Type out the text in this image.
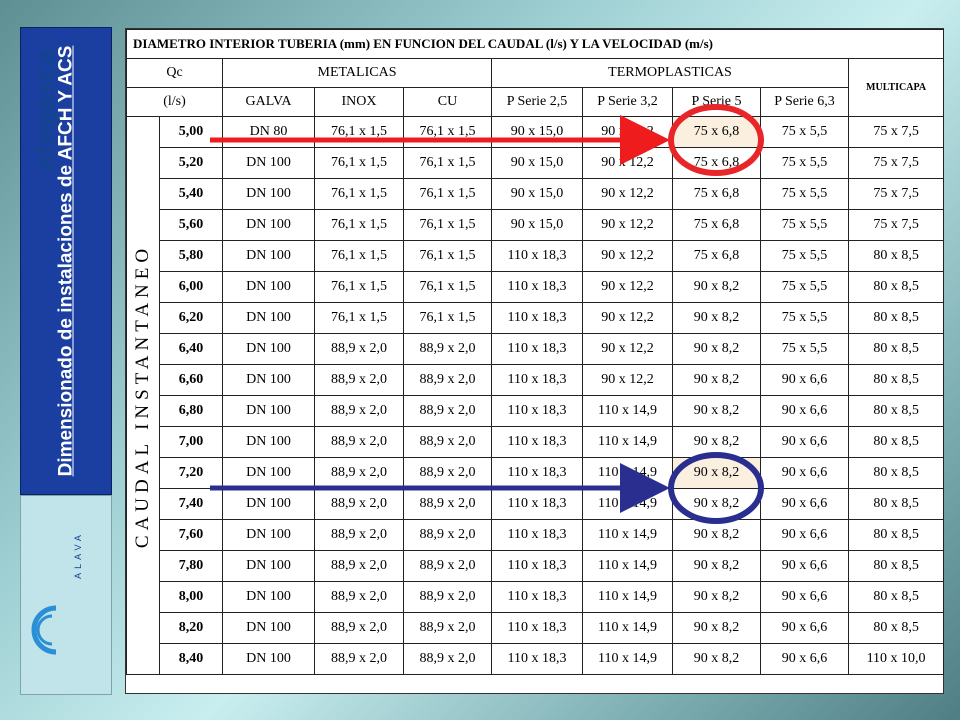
Dimensionado de instalaciones de AFCH Y ACS
afogasca
ALAVA
DIAMETRO INTERIOR TUBERIA (mm) EN FUNCION DEL CAUDAL (l/s) Y LA VELOCIDAD (m/s)									
Qc		METALICAS			TERMOPLASTICAS				MULTICAPA
(l/s)		GALVA	INOX	CU	P Serie 2,5	P Serie 3,2	P Serie 5	P Serie 6,3	

CAUDAL INSTANTANEO	5,00	DN 80	76,1 x 1,5	76,1 x 1,5	90 x 15,0	90 x 12,2	75 x 6,8	75 x 5,5	75 x 7,5
	5,20	DN 100	76,1 x 1,5	76,1 x 1,5	90 x 15,0	90 x 12,2	75 x 6,8	75 x 5,5	75 x 7,5
	5,40	DN 100	76,1 x 1,5	76,1 x 1,5	90 x 15,0	90 x 12,2	75 x 6,8	75 x 5,5	75 x 7,5
	5,60	DN 100	76,1 x 1,5	76,1 x 1,5	90 x 15,0	90 x 12,2	75 x 6,8	75 x 5,5	75 x 7,5
	5,80	DN 100	76,1 x 1,5	76,1 x 1,5	110 x 18,3	90 x 12,2	75 x 6,8	75 x 5,5	80 x 8,5
	6,00	DN 100	76,1 x 1,5	76,1 x 1,5	110 x 18,3	90 x 12,2	90 x 8,2	75 x 5,5	80 x 8,5
	6,20	DN 100	76,1 x 1,5	76,1 x 1,5	110 x 18,3	90 x 12,2	90 x 8,2	75 x 5,5	80 x 8,5
	6,40	DN 100	88,9 x 2,0	88,9 x 2,0	110 x 18,3	90 x 12,2	90 x 8,2	75 x 5,5	80 x 8,5
	6,60	DN 100	88,9 x 2,0	88,9 x 2,0	110 x 18,3	90 x 12,2	90 x 8,2	90 x 6,6	80 x 8,5
	6,80	DN 100	88,9 x 2,0	88,9 x 2,0	110 x 18,3	110 x 14,9	90 x 8,2	90 x 6,6	80 x 8,5
	7,00	DN 100	88,9 x 2,0	88,9 x 2,0	110 x 18,3	110 x 14,9	90 x 8,2	90 x 6,6	80 x 8,5
	7,20	DN 100	88,9 x 2,0	88,9 x 2,0	110 x 18,3	110 x 14,9	90 x 8,2	90 x 6,6	80 x 8,5
	7,40	DN 100	88,9 x 2,0	88,9 x 2,0	110 x 18,3	110 x 14,9	90 x 8,2	90 x 6,6	80 x 8,5
	7,60	DN 100	88,9 x 2,0	88,9 x 2,0	110 x 18,3	110 x 14,9	90 x 8,2	90 x 6,6	80 x 8,5
	7,80	DN 100	88,9 x 2,0	88,9 x 2,0	110 x 18,3	110 x 14,9	90 x 8,2	90 x 6,6	80 x 8,5
	8,00	DN 100	88,9 x 2,0	88,9 x 2,0	110 x 18,3	110 x 14,9	90 x 8,2	90 x 6,6	80 x 8,5
	8,20	DN 100	88,9 x 2,0	88,9 x 2,0	110 x 18,3	110 x 14,9	90 x 8,2	90 x 6,6	80 x 8,5
	8,40	DN 100	88,9 x 2,0	88,9 x 2,0	110 x 18,3	110 x 14,9	90 x 8,2	90 x 6,6	110 x 10,0
